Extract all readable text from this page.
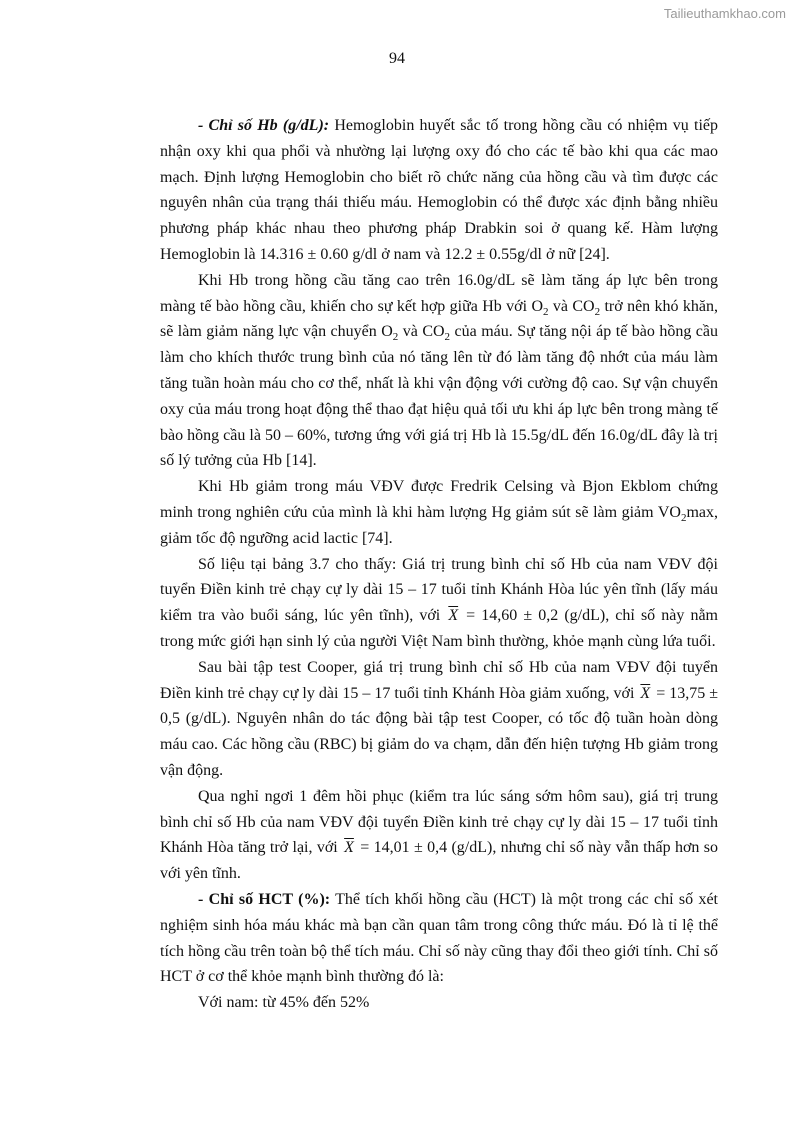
Tailieuthamkhao.com
94

- Chỉ số Hb (g/dL): Hemoglobin huyết sắc tố trong hồng cầu có nhiệm vụ tiếp nhận oxy khi qua phổi và nhường lại lượng oxy đó cho các tế bào khi qua các mao mạch. Định lượng Hemoglobin cho biết rõ chức năng của hồng cầu và tìm được các nguyên nhân của trạng thái thiếu máu. Hemoglobin có thể được xác định bằng nhiều phương pháp khác nhau theo phương pháp Drabkin soi ở quang kế. Hàm lượng Hemoglobin là 14.316 ± 0.60 g/dl ở nam và 12.2 ± 0.55g/dl ở nữ [24].

Khi Hb trong hồng cầu tăng cao trên 16.0g/dL sẽ làm tăng áp lực bên trong màng tế bào hồng cầu, khiến cho sự kết hợp giữa Hb với $O_2$ và $CO_2$ trở nên khó khăn, sẽ làm giảm năng lực vận chuyển $O_2$ và $CO_2$ của máu. Sự tăng nội áp tế bào hồng cầu làm cho khích thước trung bình của nó tăng lên từ đó làm tăng độ nhớt của máu làm tăng tuần hoàn máu cho cơ thể, nhất là khi vận động với cường độ cao. Sự vận chuyển oxy của máu trong hoạt động thể thao đạt hiệu quả tối ưu khi áp lực bên trong màng tế bào hồng cầu là 50 – 60%, tương ứng với giá trị Hb là 15.5g/dL đến 16.0g/dL đây là trị số lý tưởng của Hb [14].

Khi Hb giảm trong máu VĐV được Fredrik Celsing và Bjon Ekblom chứng minh trong nghiên cứu của mình là khi hàm lượng Hg giảm sút sẽ làm giảm $VO_2\max$, giảm tốc độ ngưỡng acid lactic [74].

Số liệu tại bảng 3.7 cho thấy: Giá trị trung bình chỉ số Hb của nam VĐV đội tuyển Điền kinh trẻ chạy cự ly dài 15 – 17 tuổi tỉnh Khánh Hòa lúc yên tĩnh (lấy máu kiểm tra vào buổi sáng, lúc yên tĩnh), với $\overline{X} = 14,60 \pm 0,2$ (g/dL), chỉ số này nằm trong mức giới hạn sinh lý của người Việt Nam bình thường, khỏe mạnh cùng lứa tuổi.

Sau bài tập test Cooper, giá trị trung bình chỉ số Hb của nam VĐV đội tuyển Điền kinh trẻ chạy cự ly dài 15 – 17 tuổi tỉnh Khánh Hòa giảm xuống, với $\overline{X} = 13,75 \pm 0,5$ (g/dL). Nguyên nhân do tác động bài tập test Cooper, có tốc độ tuần hoàn dòng máu cao. Các hồng cầu (RBC) bị giảm do va chạm, dẫn đến hiện tượng Hb giảm trong vận động.

Qua nghỉ ngơi 1 đêm hồi phục (kiểm tra lúc sáng sớm hôm sau), giá trị trung bình chỉ số Hb của nam VĐV đội tuyển Điền kinh trẻ chạy cự ly dài 15 – 17 tuổi tỉnh Khánh Hòa tăng trở lại, với $\overline{X} = 14,01 \pm 0,4$ (g/dL), nhưng chỉ số này vẫn thấp hơn so với yên tĩnh.

- Chỉ số HCT (%): Thể tích khối hồng cầu (HCT) là một trong các chỉ số xét nghiệm sinh hóa máu khác mà bạn cần quan tâm trong công thức máu. Đó là tỉ lệ thể tích hồng cầu trên toàn bộ thể tích máu. Chỉ số này cũng thay đổi theo giới tính. Chỉ số HCT ở cơ thể khỏe mạnh bình thường đó là:

Với nam: từ 45% đến 52%
